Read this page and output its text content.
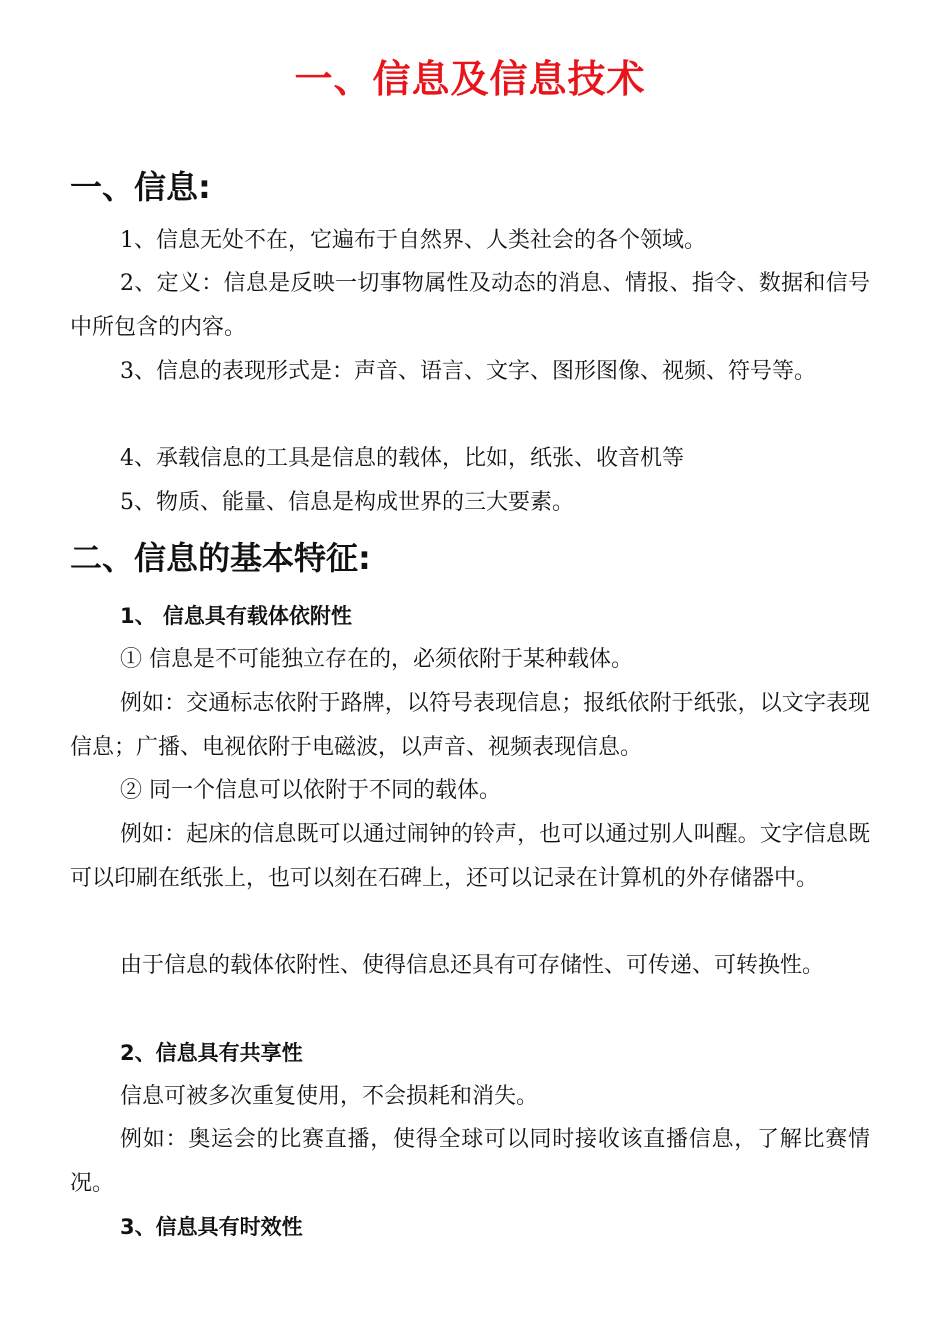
一、信息及信息技术
一、信息:
1、信息无处不在，它遍布于自然界、人类社会的各个领域。
2、定义：信息是反映一切事物属性及动态的消息、情报、指令、数据和信号中所包含的内容。
3、信息的表现形式是：声音、语言、文字、图形图像、视频、符号等。
4、承载信息的工具是信息的载体，比如，纸张、收音机等
5、物质、能量、信息是构成世界的三大要素。
二、信息的基本特征:
1、 信息具有载体依附性
① 信息是不可能独立存在的，必须依附于某种载体。
例如：交通标志依附于路牌，以符号表现信息；报纸依附于纸张，以文字表现信息；广播、电视依附于电磁波，以声音、视频表现信息。
② 同一个信息可以依附于不同的载体。
例如：起床的信息既可以通过闹钟的铃声，也可以通过别人叫醒。文字信息既可以印刷在纸张上，也可以刻在石碑上，还可以记录在计算机的外存储器中。
由于信息的载体依附性、使得信息还具有可存储性、可传递、可转换性。
2、信息具有共享性
信息可被多次重复使用，不会损耗和消失。
例如：奥运会的比赛直播，使得全球可以同时接收该直播信息，了解比赛情况。
3、信息具有时效性
